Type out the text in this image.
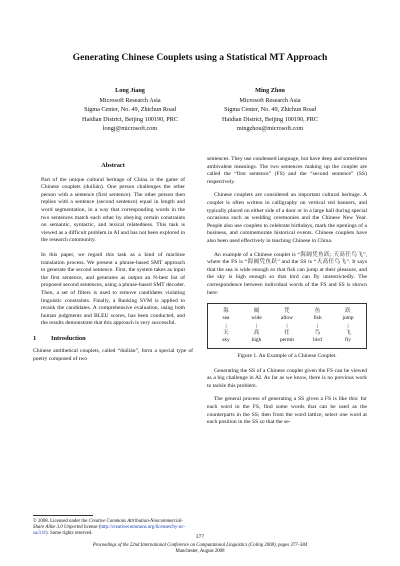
Generating Chinese Couplets using a Statistical MT Approach
Long Jiang
Microsoft Research Asia
Sigma Center, No. 49, Zhichun Road
Haidian District, Beijing 100190, PRC
longj@microsoft.com
Ming Zhou
Microsoft Research Asia
Sigma Center, No. 49, Zhichun Road
Haidian District, Beijing 100190, PRC
mingzhou@microsoft.com
Abstract

Part of the unique cultural heritage of China is the game of Chinese couplets (duìlián). One person challenges the other person with a sentence (first sentence). The other person then replies with a sentence (second sentence) equal in length and word segmentation, in a way that corresponding words in the two sentences match each other by obeying certain constraints on semantic, syntactic, and lexical relatedness. This task is viewed as a difficult problem in AI and has not been explored in the research community.

In this paper, we regard this task as a kind of machine translation process. We present a phrase-based SMT approach to generate the second sentence. First, the system takes as input the first sentence, and generates as output an N-best list of proposed second sentences, using a phrase-based SMT decoder. Then, a set of filters is used to remove candidates violating linguistic constraints. Finally, a Ranking SVM is applied to rerank the candidates. A comprehensive evaluation, using both human judgments and BLEU scores, has been conducted, and the results demonstrate that this approach is very successful.

1 Introduction

Chinese antithetical couplets, called “duìlián”, form a special type of poetry composed of two

sentences. They use condensed language, but have deep and sometimes ambivalent meanings. The two sentences making up the couplet are called the “first sentence” (FS) and the “second sentence” (SS) respectively.

Chinese couplets are considered an important cultural heritage. A couplet is often written in calligraphy on vertical red banners, and typically placed on either side of a door or in a large hall during special occasions such as wedding ceremonies and the Chinese New Year. People also use couplets to celebrate birthdays, mark the openings of a business, and commemorate historical events. Chinese couplets have also been used effectively in teaching Chinese in China.

An example of a Chinese couplet is “海阔凭鱼跃; 天高任鸟飞”, where the FS is “海阔凭鱼跃” and the SS is “天高任鸟飞”. It says that the sea is wide enough so that fish can jump at their pleasure, and the sky is high enough so that bird can fly unrestrictedly. The correspondence between individual words of the FS and SS is shown here:

海	阔	凭	鱼	跃
sea	wide	allow	fish	jump
|	|	|	|	|
天	高	任	鸟	飞
sky	high	permit	bird	fly
Figure 1. An Example of a Chinese Couplet.

Generating the SS of a Chinese couplet given the FS can be viewed as a big challenge in AI. As far as we know, there is no previous work to tackle this problem.

The general process of generating a SS given a FS is like this: for each word in the FS, find some words that can be used as the counterparts in the SS; then from the word lattice, select one word at each position in the SS so that the se-

© 2008. Licensed under the Creative Commons Attribution-Noncommercial-Share Alike 3.0 Unported license (http://creativecommons.org/licenses/by-nc-sa/3.0/). Some rights reserved.
377
Proceedings of the 22nd International Conference on Computational Linguistics (Coling 2008), pages 377–384
Manchester, August 2008
